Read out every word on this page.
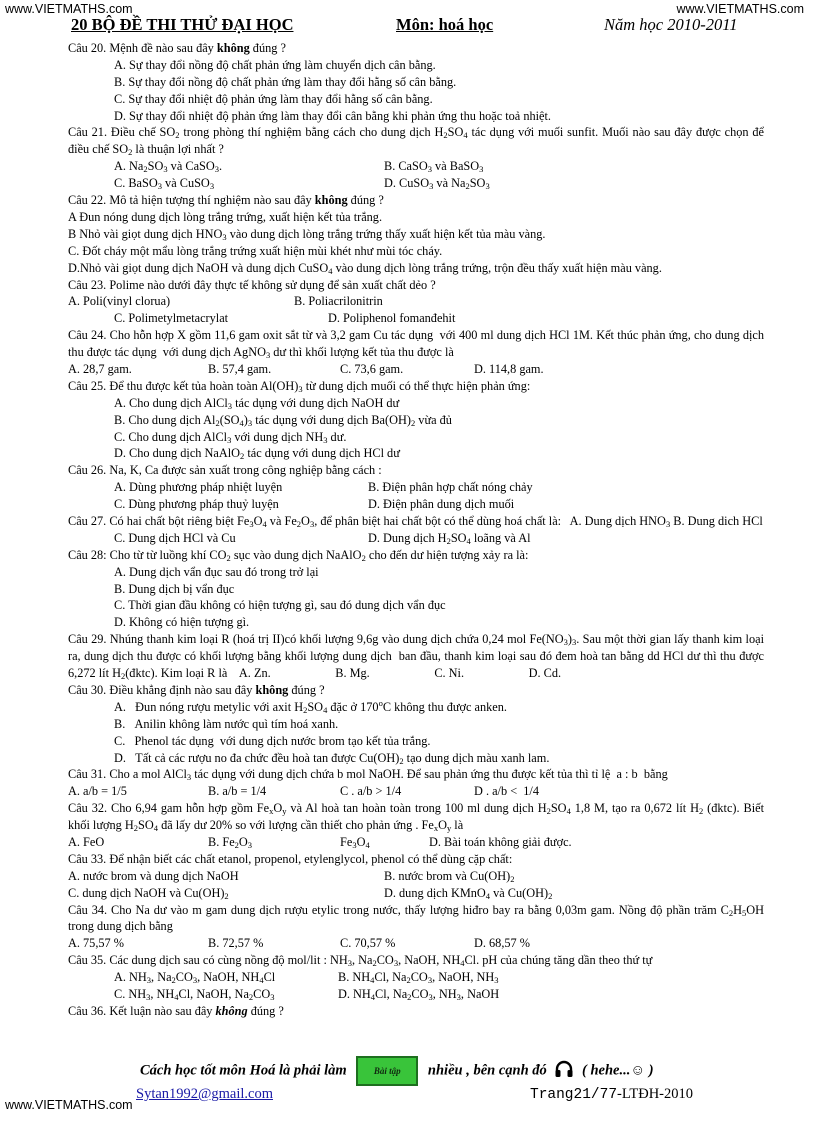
www.VIETMATHS.com	www.VIETMATHS.com
www.VIETMATHS.com
20 BỘ ĐỀ THI THỬ ĐẠI HỌC	Môn: hoá học	Năm học 2010-2011
Câu 20. Mệnh đề nào sau đây không đúng ?
A. Sự thay đổi nồng độ chất phản ứng làm chuyển dịch cân bằng.
B. Sự thay đổi nồng độ chất phản ứng làm thay đổi hằng số cân bằng.
C. Sự thay đổi nhiệt độ phản ứng làm thay đổi hằng số cân bằng.
D. Sự thay đổi nhiệt độ phản ứng làm thay đổi cân bằng khi phản ứng thu hoặc toả nhiệt.
Câu 21. Điều chế $SO_2$ trong phòng thí nghiệm bằng cách cho dung dịch $H_2SO_4$ tác dụng với muối sunfit. Muối nào sau đây được chọn để điều chế $SO_2$ là thuận lợi nhất ?
A. $Na_2SO_3$ và CaSO$_3$.	B. CaSO$_3$ và BaSO$_3$
C. BaSO$_3$ và CuSO$_3$	D. CuSO$_3$ và $Na_2SO_3$
Câu 22. Mô tả hiện tượng thí nghiệm nào sau đây không đúng ?
A Đun nóng dung dịch lòng trắng trứng, xuất hiện kết tủa trắng.
B Nhỏ vài giọt dung dịch $HNO_3$ vào dung dịch lòng trắng trứng thấy xuất hiện kết tủa màu vàng.
C. Đốt cháy một mẩu lòng trắng trứng xuất hiện mùi khét như mùi tóc cháy.
D.Nhỏ vài giọt dung dịch NaOH và dung dịch CuSO$_4$ vào dung dịch lòng trắng trứng, trộn đều thấy xuất hiện màu vàng.
Câu 23. Polime nào dưới đây thực tế không sử dụng để sản xuất chất dẻo ?
A. Poli(vinyl clorua)	B. Poliacrilonitrin
C. Polimetylmetacrylat	D. Poliphenol fomanđehit
Câu 24. Cho hỗn hợp X gồm 11,6 gam oxit sắt từ và 3,2 gam Cu tác dụng  với 400 ml dung dịch HCl 1M. Kết thúc phản ứng, cho dung dịch thu được tác dụng  với dung dịch AgNO$_3$ dư thì khối lượng kết tủa thu được là
A. 28,7 gam.	B. 57,4 gam.	C. 73,6 gam.	D. 114,8 gam.
Câu 25. Để thu được kết tủa hoàn toàn $Al(OH)_3$ từ dung dịch muối có thể thực hiện phản ứng:
A. Cho dung dịch AlCl$_3$ tác dụng với dung dịch NaOH dư
B. Cho dung dịch $Al_2(SO_4)_3$ tác dụng với dung dịch $Ba(OH)_2$ vừa đủ
C. Cho dung dịch AlCl$_3$ với dung dịch $NH_3$ dư.
D. Cho dung dịch NaAlO$_2$ tác dụng với dung dịch HCl dư
Câu 26. Na, K, Ca được sản xuất trong công nghiệp bằng cách :
A. Dùng phương pháp nhiệt luyện	B. Điện phân hợp chất nóng chảy
C. Dùng phương pháp thuỷ luyện	D. Điện phân dung dịch muối
Câu 27. Có hai chất bột riêng biệt $Fe_3O_4$ và $Fe_2O_3$, để phân biệt hai chất bột có thể dùng hoá chất là:   A. Dung dịch $HNO_3$ B. Dung dich HCl
C. Dung dịch HCl và Cu	D. Dung dịch $H_2SO_4$ loãng và Al
Câu 28: Cho từ từ luồng khí $CO_2$ sục vào dung dịch NaAlO$_2$ cho đến dư hiện tượng xảy ra là:
A. Dung dịch vẩn đục sau đó trong trở lại
B. Dung dịch bị vẩn đục
C. Thời gian đầu không có hiện tượng gì, sau đó dung dịch vẩn đục
D. Không có hiện tượng gì.
Câu 29. Nhúng thanh kim loại R (hoá trị II)có khối lượng 9,6g vào dung dịch chứa 0,24 mol $Fe(NO_3)_3$. Sau một thời gian lấy thanh kim loại ra, dung dịch thu được có khối lượng bằng khối lượng dung dịch  ban đầu, thanh kim loại sau đó đem hoà tan bằng dd HCl dư thì thu được 6,272 lít $H_2(đktc)$. Kim loại R là    A. Zn.                     B. Mg.                     C. Ni.                     D. Cd.
Câu 30. Điều khẳng định nào sau đây không đúng ?
A.   Đun nóng rượu metylic với axit $H_2SO_4$ đặc ở 170$^o$C không thu được anken.
B.   Anilin không làm nước quì tím hoá xanh.
C.   Phenol tác dụng  với dung dịch nước brom tạo kết tủa trắng.
D.   Tất cả các rượu no đa chức đều hoà tan được $Cu(OH)_2$ tạo dung dịch màu xanh lam.
Câu 31. Cho a mol AlCl$_3$ tác dụng với dung dịch chứa b mol NaOH. Để sau phản ứng thu được kết tủa thì tỉ lệ  a : b  bằng
A. a/b = 1/5	B. a/b = 1/4	C . a/b > 1/4	D . a/b <  1/4
Câu 32. Cho 6,94 gam hỗn hợp gồm $Fe_xO_y$ và Al hoà tan hoàn toàn trong 100 ml dung dịch $H_2SO_4$ 1,8 M, tạo ra 0,672 lít $H_2$ (đktc). Biết khối lượng $H_2SO_4$ đã lấy dư 20% so với lượng cần thiết cho phản ứng . $Fe_xO_y$ là
A. FeO	B. $Fe_2O_3$	$Fe_3O_4$	D. Bài toán không giải được.
Câu 33. Để nhận biết các chất etanol, propenol, etylenglycol, phenol có thể dùng cặp chất:
A. nước brom và dung dịch NaOH	B. nước brom và $Cu(OH)_2$
C. dung dịch NaOH và $Cu(OH)_2$	D. dung dịch KMnO$_4$ và $Cu(OH)_2$
Câu 34. Cho Na dư vào m gam dung dịch rượu etylic trong nước, thấy lượng hiđro bay ra bằng 0,03m gam. Nồng độ phần trăm $C_2H_5OH$ trong dung dịch bằng
A. 75,57 %	B. 72,57 %	C. 70,57 %	D. 68,57 %
Câu 35. Các dung dịch sau có cùng nồng độ mol/lit : $NH_3$, $Na_2CO_3$, NaOH, $NH_4Cl$. pH của chúng tăng dần theo thứ tự
A. $NH_3$, $Na_2CO_3$, NaOH, $NH_4Cl$	B. $NH_4Cl$, $Na_2CO_3$, NaOH, $NH_3$
C. $NH_3$, $NH_4Cl$, NaOH, $Na_2CO_3$	D. $NH_4Cl$, $Na_2CO_3$, $NH_3$, NaOH
Câu 36. Kết luận nào sau đây không đúng ?
Cách học tốt môn Hoá là phải làm	Bài tập nhiều , bên cạnh đó ( hehe...☺ )
Sytan1992@gmail.com	Trang21/77-LTĐH-2010
